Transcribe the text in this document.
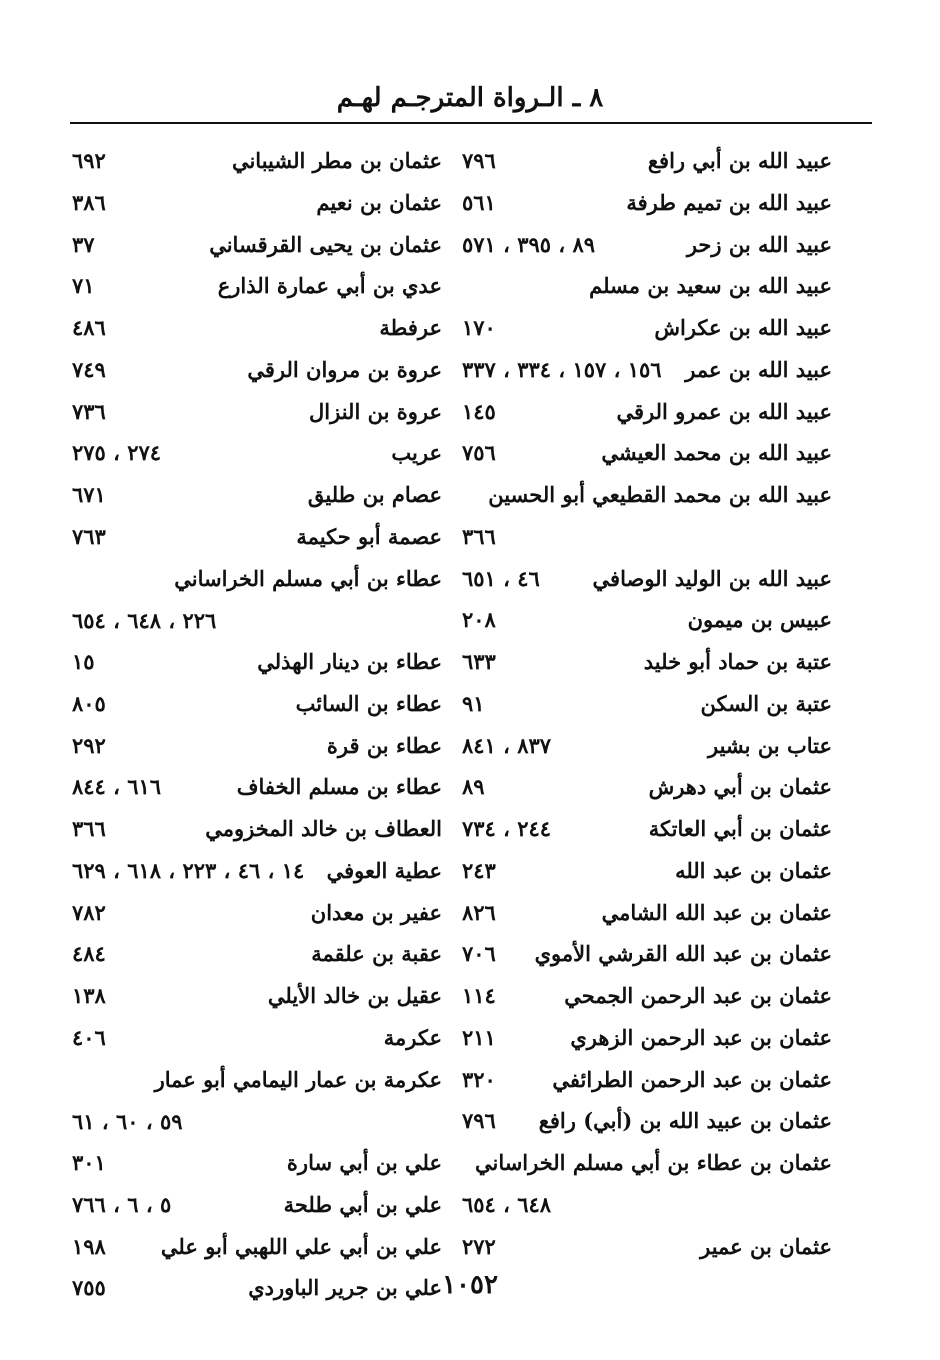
٨ ـ الـرواة المترجـم لهـم
عبيد الله بن أبي رافع
٧٩٦
عبيد الله بن تميم طرفة
٥٦١
عبيد الله بن زحر
٨٩ ، ٣٩٥ ، ٥٧١
عبيد الله بن سعيد بن مسلم
عبيد الله بن عكراش
١٧٠
عبيد الله بن عمر
١٥٦ ، ١٥٧ ، ٣٣٤ ، ٣٣٧
عبيد الله بن عمرو الرقي
١٤٥
عبيد الله بن محمد العيشي
٧٥٦
عبيد الله بن محمد القطيعي أبو الحسين
٣٦٦
عبيد الله بن الوليد الوصافي
٤٦ ، ٦٥١
عبيس بن ميمون
٢٠٨
عتبة بن حماد أبو خليد
٦٣٣
عتبة بن السكن
٩١
عتاب بن بشير
٨٣٧ ، ٨٤١
عثمان بن أبي دهرش
٨٩
عثمان بن أبي العاتكة
٢٤٤ ، ٧٣٤
عثمان بن عبد الله
٢٤٣
عثمان بن عبد الله الشامي
٨٢٦
عثمان بن عبد الله القرشي الأموي
٧٠٦
عثمان بن عبد الرحمن الجمحي
١١٤
عثمان بن عبد الرحمن الزهري
٢١١
عثمان بن عبد الرحمن الطرائفي
٣٢٠
عثمان بن عبيد الله بن (أبي) رافع
٧٩٦
عثمان بن عطاء بن أبي مسلم الخراساني
٦٤٨ ، ٦٥٤
عثمان بن عمير
٢٧٢
عثمان بن مطر الشيباني
٦٩٢
عثمان بن نعيم
٣٨٦
عثمان بن يحيى القرقساني
٣٧
عدي بن أبي عمارة الذارع
٧١
عرفطة
٤٨٦
عروة بن مروان الرقي
٧٤٩
عروة بن النزال
٧٣٦
عريب
٢٧٤ ، ٢٧٥
عصام بن طليق
٦٧١
عصمة أبو حكيمة
٧٦٣
عطاء بن أبي مسلم الخراساني
٢٢٦ ، ٦٤٨ ، ٦٥٤
عطاء بن دينار الهذلي
١٥
عطاء بن السائب
٨٠٥
عطاء بن قرة
٢٩٢
عطاء بن مسلم الخفاف
٦١٦ ، ٨٤٤
العطاف بن خالد المخزومي
٣٦٦
عطية العوفي
١٤ ، ٤٦ ، ٢٢٣ ، ٦١٨ ، ٦٢٩
عفير بن معدان
٧٨٢
عقبة بن علقمة
٤٨٤
عقيل بن خالد الأيلي
١٣٨
عكرمة
٤٠٦
عكرمة بن عمار اليمامي أبو عمار
٥٩ ، ٦٠ ، ٦١
علي بن أبي سارة
٣٠١
علي بن أبي طلحة
٥ ، ٦ ، ٧٦٦
علي بن أبي علي اللهبي أبو علي
١٩٨
علي بن جرير الباوردي
٧٥٥	١٠٥٢
